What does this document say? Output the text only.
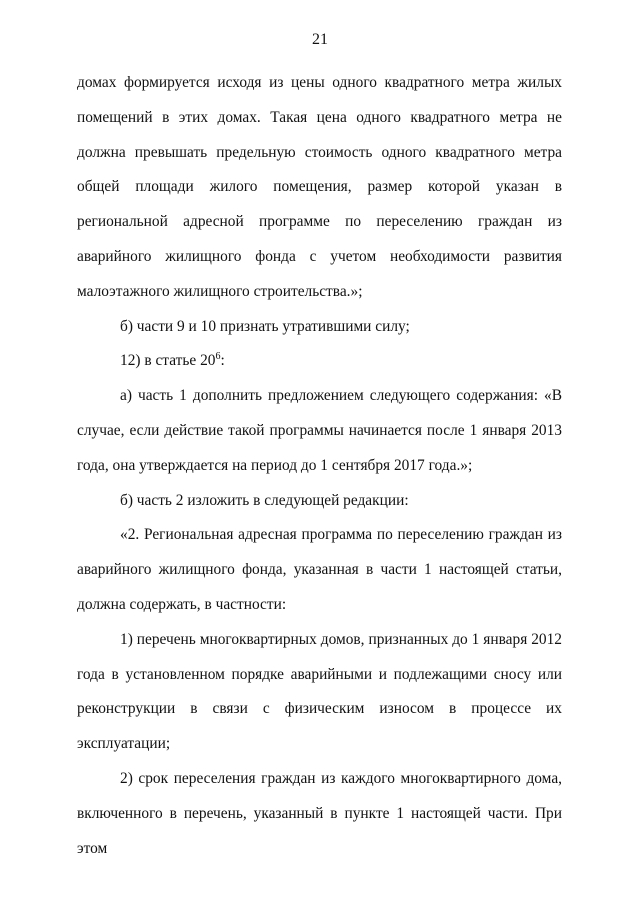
21

домах формируется исходя из цены одного квадратного метра жилых помещений в этих домах. Такая цена одного квадратного метра не должна превышать предельную стоимость одного квадратного метра общей площади жилого помещения, размер которой указан в региональной адресной программе по переселению граждан из аварийного жилищного фонда с учетом необходимости развития малоэтажного жилищного строительства.»;

б) части 9 и 10 признать утратившими силу;

12) в статье $20^6$:

а) часть 1 дополнить предложением следующего содержания: «В случае, если действие такой программы начинается после 1 января 2013 года, она утверждается на период до 1 сентября 2017 года.»;

б) часть 2 изложить в следующей редакции:

«2. Региональная адресная программа по переселению граждан из аварийного жилищного фонда, указанная в части 1 настоящей статьи, должна содержать, в частности:

1) перечень многоквартирных домов, признанных до 1 января 2012 года в установленном порядке аварийными и подлежащими сносу или реконструкции в связи с физическим износом в процессе их эксплуатации;

2) срок переселения граждан из каждого многоквартирного дома, включенного в перечень, указанный в пункте 1 настоящей части. При этом
